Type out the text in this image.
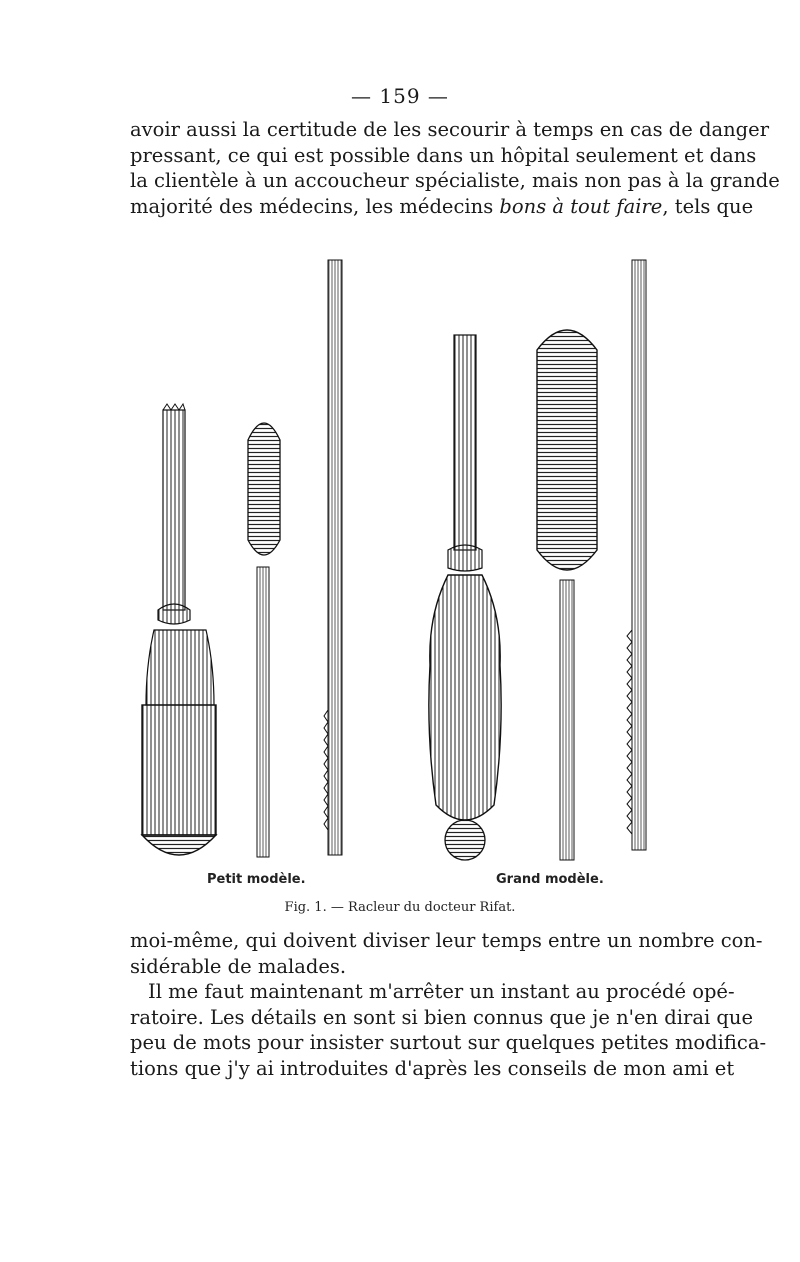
— 159 —
avoir aussi la certitude de les secourir à temps en cas de danger
pressant, ce qui est possible dans un hôpital seulement et dans
la clientèle à un accoucheur spécialiste, mais non pas à la grande
majorité des médecins, les médecins bons à tout faire, tels que
Petit modèle.	Grand modèle.
Fig. 1. — Racleur du docteur Rifat.
moi-même, qui doivent diviser leur temps entre un nombre con-
sidérable de malades.
Il me faut maintenant m'arrêter un instant au procédé opé-
ratoire. Les détails en sont si bien connus que je n'en dirai que
peu de mots pour insister surtout sur quelques petites modifica-
tions que j'y ai introduites d'après les conseils de mon ami et
